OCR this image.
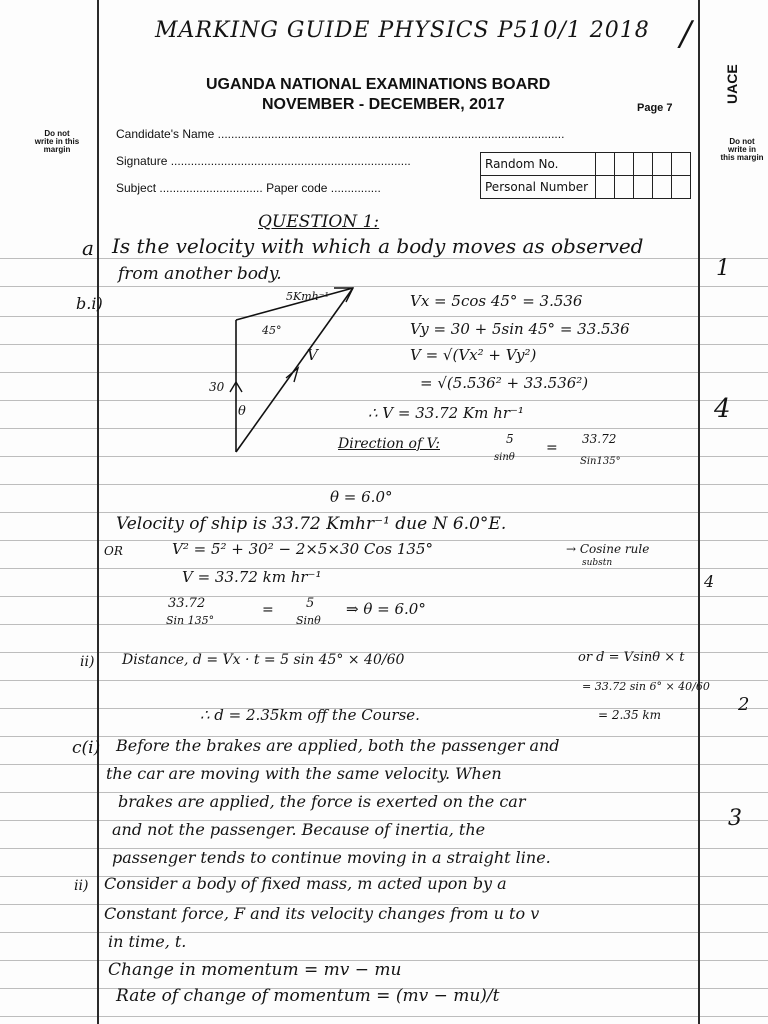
MARKING GUIDE PHYSICS P510/1 2018 /
UGANDA NATIONAL EXAMINATIONS BOARD
NOVEMBER - DECEMBER, 2017	Page 7
UACE
Do not write in this margin
Do not write in this margin
Candidate's Name ........................................................................................................
Signature ........................................................................
Subject ............................... Paper code ...............
Random No.					
Personal Number					
QUESTION 1:
a Is the velocity with which a body moves as observed
from another body.
b.i)	5Kmh⁻¹
45°
V
30
θ
Vx = 5cos 45° = 3.536
Vy = 30 + 5sin 45° = 33.536
V = √(Vx² + Vy²)
= √(5.536² + 33.536²)
∴ V = 33.72 Km hr⁻¹
Direction of V:	5
sinθ
=
33.72
Sin135°
θ = 6.0°
Velocity of ship is 33.72 Kmhr⁻¹ due N 6.0°E.
OR	V² = 5² + 30² − 2×5×30 Cos 135°	→ Cosine rule
substn
V = 33.72 km hr⁻¹
33.72
Sin 135°
= 5
Sinθ
⇒ θ = 6.0°
ii) Distance, d = Vx · t = 5 sin 45° × 40/60	or d = Vsinθ × t
= 33.72 sin 6° × 40/60
∴ d = 2.35km off the Course.	= 2.35 km
c(i) Before the brakes are applied, both the passenger and
the car are moving with the same velocity. When
brakes are applied, the force is exerted on the car
and not the passenger. Because of inertia, the
passenger tends to continue moving in a straight line.
ii) Consider a body of fixed mass, m acted upon by a
Constant force, F and its velocity changes from u to v
in time, t.
Change in momentum = mv − mu
Rate of change of momentum = (mv − mu)/t
1
4
4
2
3
